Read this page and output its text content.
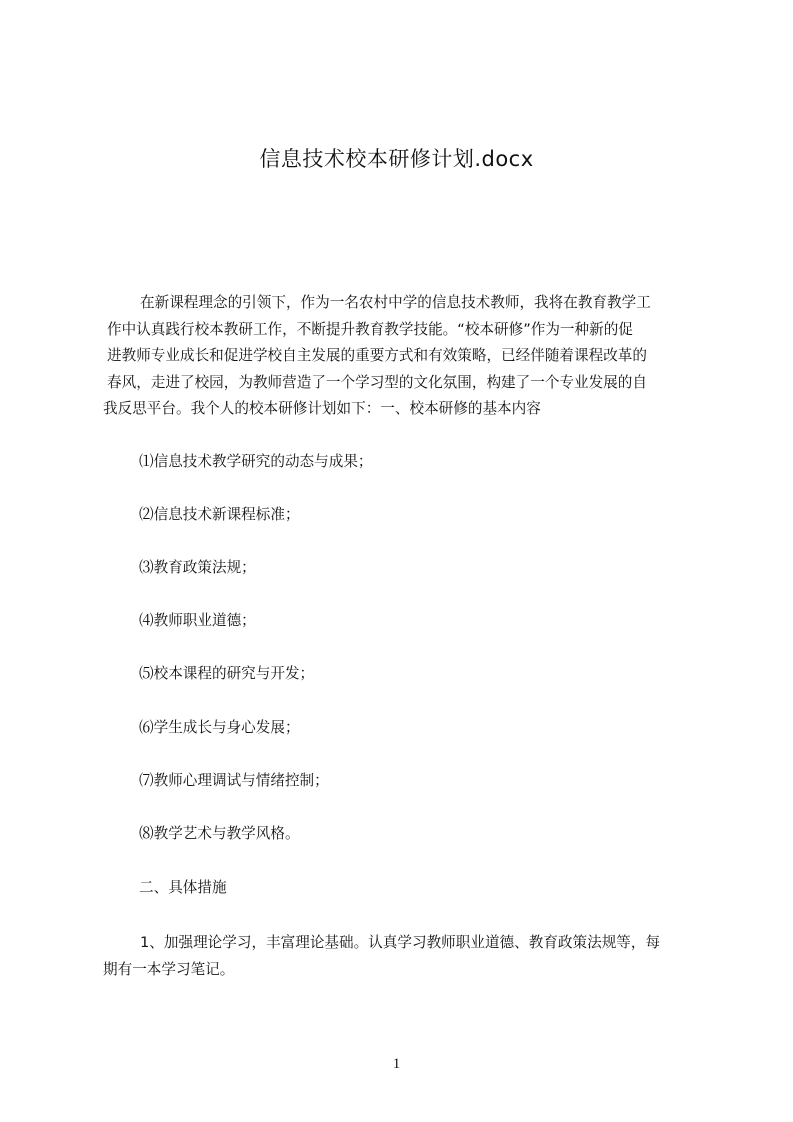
信息技术校本研修计划.docx
在新课程理念的引领下，作为一名农村中学的信息技术教师，我将在教育教学工
作中认真践行校本教研工作，不断提升教育教学技能。“校本研修”作为一种新的促
进教师专业成长和促进学校自主发展的重要方式和有效策略，已经伴随着课程改革的
春风，走进了校园，为教师营造了一个学习型的文化氛围，构建了一个专业发展的自
我反思平台。我个人的校本研修计划如下：一、校本研修的基本内容
⑴信息技术教学研究的动态与成果；
⑵信息技术新课程标准；
⑶教育政策法规；
⑷教师职业道德；
⑸校本课程的研究与开发；
⑹学生成长与身心发展；
⑺教师心理调试与情绪控制；
⑻教学艺术与教学风格。
二、具体措施
1、加强理论学习，丰富理论基础。认真学习教师职业道德、教育政策法规等，每
期有一本学习笔记。
1
